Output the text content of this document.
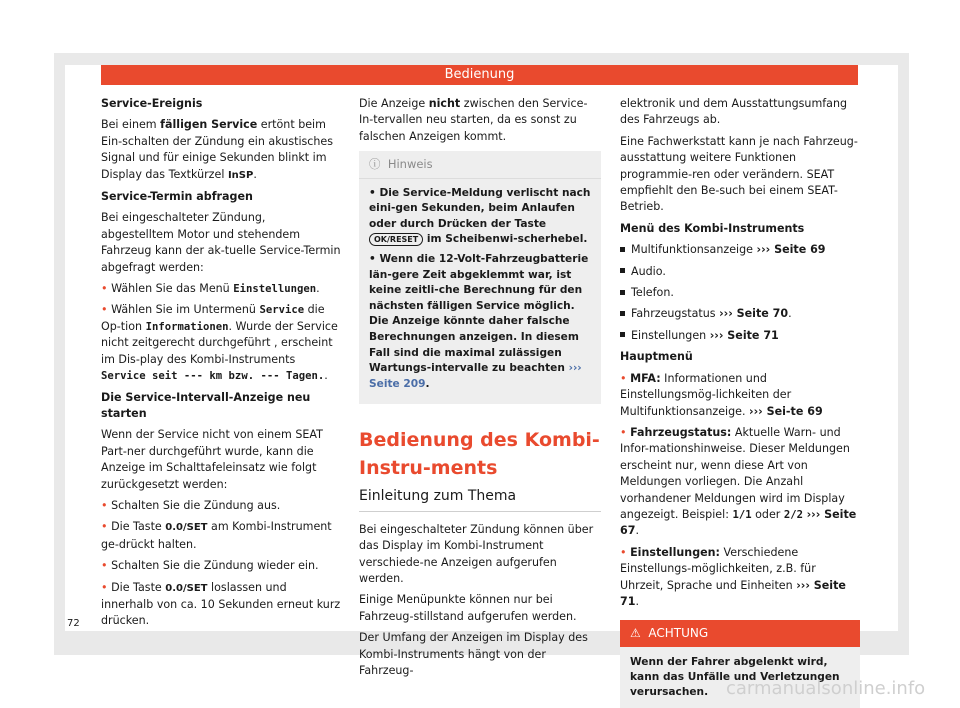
Bedienung

Service-Ereignis

Bei einem fälligen Service ertönt beim Ein-schalten der Zündung ein akustisches Signal und für einige Sekunden blinkt im Display das Textkürzel InSP.

Service-Termin abfragen

Bei eingeschalteter Zündung, abgestelltem Motor und stehendem Fahrzeug kann der ak-tuelle Service-Termin abgefragt werden:

• Wählen Sie das Menü Einstellungen.

• Wählen Sie im Untermenü Service die Op-tion Informationen. Wurde der Service nicht zeitgerecht durchgeführt , erscheint im Dis-play des Kombi-Instruments Service seit --- km bzw. --- Tagen..

Die Service-Intervall-Anzeige neu starten

Wenn der Service nicht von einem SEAT Part-ner durchgeführt wurde, kann die Anzeige im Schalttafeleinsatz wie folgt zurückgesetzt werden:

• Schalten Sie die Zündung aus.

• Die Taste 0.0/SET am Kombi-Instrument ge-drückt halten.

• Schalten Sie die Zündung wieder ein.

• Die Taste 0.0/SET loslassen und innerhalb von ca. 10 Sekunden erneut kurz drücken.

Die Anzeige nicht zwischen den Service-In-tervallen neu starten, da es sonst zu falschen Anzeigen kommt.

ⓘ Hinweis

• Die Service-Meldung verlischt nach eini-gen Sekunden, beim Anlaufen oder durch Drücken der Taste OK/RESET im Scheibenwi-scherhebel.

• Wenn die 12-Volt-Fahrzeugbatterie län-gere Zeit abgeklemmt war, ist keine zeitli-che Berechnung für den nächsten fälligen Service möglich. Die Anzeige könnte daher falsche Berechnungen anzeigen. In diesem Fall sind die maximal zulässigen Wartungs-intervalle zu beachten ››› Seite 209.

Bedienung des Kombi-Instru-ments
Einleitung zum Thema

Bei eingeschalteter Zündung können über das Display im Kombi-Instrument verschiede-ne Anzeigen aufgerufen werden.

Einige Menüpunkte können nur bei Fahrzeug-stillstand aufgerufen werden.

Der Umfang der Anzeigen im Display des Kombi-Instruments hängt von der Fahrzeug-

elektronik und dem Ausstattungsumfang des Fahrzeugs ab.

Eine Fachwerkstatt kann je nach Fahrzeug-ausstattung weitere Funktionen programmie-ren oder verändern. SEAT empfiehlt den Be-such bei einem SEAT-Betrieb.

Menü des Kombi-Instruments

Multifunktionsanzeige ››› Seite 69

Audio.

Telefon.

Fahrzeugstatus ››› Seite 70.

Einstellungen ››› Seite 71

Hauptmenü

• MFA: Informationen und Einstellungsmög-lichkeiten der Multifunktionsanzeige. ››› Sei-te 69

• Fahrzeugstatus: Aktuelle Warn- und Infor-mationshinweise. Dieser Meldungen erscheint nur, wenn diese Art von Meldungen vorliegen. Die Anzahl vorhandener Meldungen wird im Display angezeigt. Beispiel: 1/1 oder 2/2 ››› Seite 67.

• Einstellungen: Verschiedene Einstellungs-möglichkeiten, z.B. für Uhrzeit, Sprache und Einheiten ››› Seite 71.

⚠ ACHTUNG
Wenn der Fahrer abgelenkt wird, kann das Unfälle und Verletzungen verursachen.
72
carmanualsonline.info
